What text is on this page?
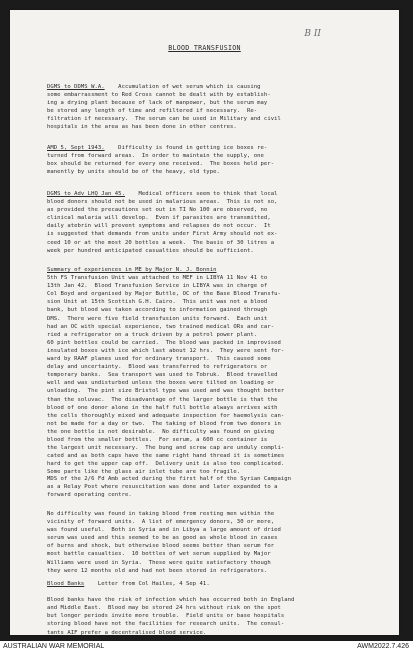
B II
BLOOD TRANSFUSION
DGMS to DDMS W.A.    Accumulation of wet serum which is causing
some embarrassment to Red Cross cannot be dealt with by establish-
ing a drying plant because of lack of manpower, but the serum may
be stored any length of time and refiltered if necessary.  Re-
filtration if necessary.  The serum can be used in Military and civil
hospitals in the area as has been done in other centres.
AMD 5, Sept 1943.    Difficulty is found in getting ice boxes re-
turned from forward areas.  In order to maintain the supply, one
box should be returned for every one received.  The boxes held per-
manently by units should be of the heavy, old type.
DGMS to Adv LHQ Jan 45.    Medical officers seem to think that local
blood donors should not be used in malarious areas.  This is not so,
as provided the precautions set out in TI No 100 are observed, no
clinical malaria will develop.  Even if parasites are transmitted,
daily atebrin will prevent symptoms and relapses do not occur.  It
is suggested that demands from units under First Army should not ex-
ceed 10 or at the most 20 bottles a week.  The basis of 30 litres a
week per hundred anticipated casualties should be sufficient.
Summary of experiences in ME by Major N. J. Bonnin
5th FS Transfusion Unit was attached to MEF in LIBYA 11 Nov 41 to
13th Jan 42.  Blood Transfusion Service in LIBYA was in charge of
Col Boyd and organised by Major Buttle, OC of the Base Blood Transfu-
sion Unit at 15th Scottish G.H. Cairo.  This unit was not a blood
bank, but blood was taken according to information gained through
DMS.  There were five field transfusion units forward.  Each unit
had an OC with special experience, two trained medical ORs and car-
ried a refrigerator on a truck driven by a petrol power plant.
60 pint bottles could be carried.  The blood was packed in improvised
insulated boxes with ice which last about 12 hrs.  They were sent for-
ward by RAAF planes used for ordinary transport.  This caused some
delay and uncertainty.  Blood was transferred to refrigerators or
temporary banks.  Sea transport was used to Tobruk.  Blood travelled
well and was undisturbed unless the boxes were tilted on loading or
unloading.  The pint size Bristol type was used and was thought better
than the soluvac.  The disadvantage of the larger bottle is that the
blood of one donor alone in the half full bottle always arrives with
the cells thoroughly mixed and adequate inspection for haemolysis can-
not be made for a day or two.  The taking of blood from two donors in
the one bottle is not desirable.  No difficulty was found on giving
blood from the smaller bottles.  For serum, a 600 cc container is
the largest unit necessary.  The bung and screw cap are unduly compli-
cated and as both caps have the same right hand thread it is sometimes
hard to get the upper cap off.  Delivery unit is also too complicated.
Some parts like the glass air inlet tube are too fragile.
MDS of the 2/6 Fd Amb acted during the first half of the Syrian Campaign
as a Relay Post where resuscitation was done and later expanded to a
forward operating centre.
No difficulty was found in taking blood from resting men within the
vicinity of forward units.  A list of emergency donors, 30 or more,
was found useful.  Both in Syria and in Libya a large amount of dried
serum was used and this seemed to be as good as whole blood in cases
of burns and shock, but otherwise blood seems better than serum for
most battle casualties.  10 bottles of wet serum supplied by Major
Williams were used in Syria.  These were quite satisfactory though
they were 12 months old and had not been stored in refrigerators.
Blood Banks    Letter from Col Hailes, 4 Sep 41.

Blood banks have the risk of infection which has occurred both in England
and Middle East.  Blood may be stored 24 hrs without risk on the spot
but longer periods invite more trouble.  Field units or base hospitals
storing blood have not the facilities for research units.  The consul-
tants AIF prefer a decentralised blood service.
AUSTRALIAN WAR MEMORIAL	AWM2022.7.426
